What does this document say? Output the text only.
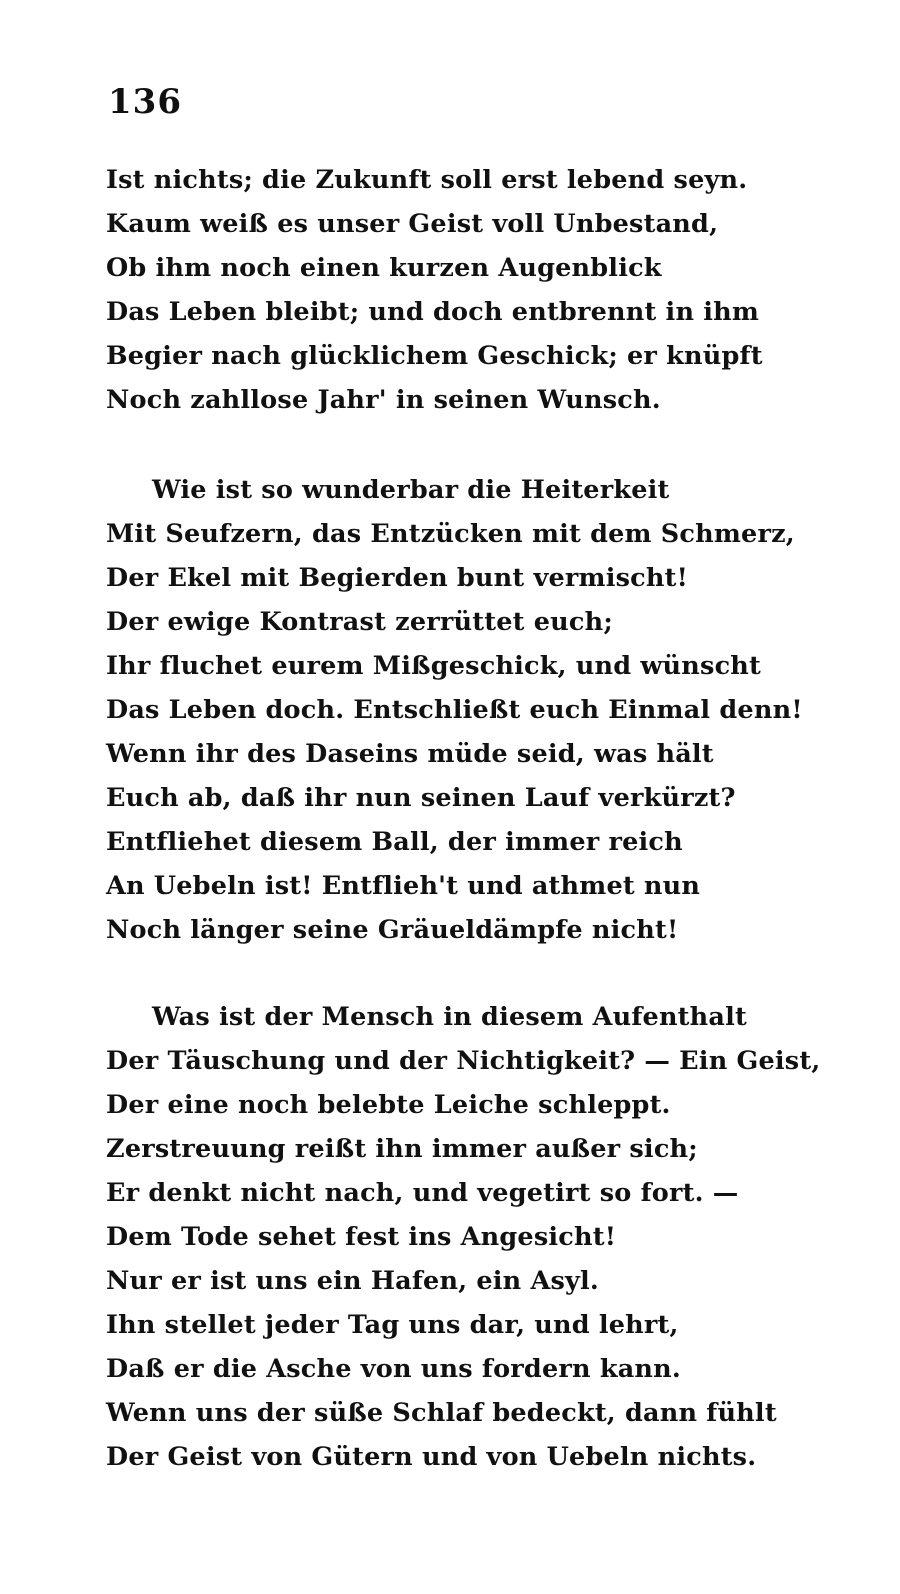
136
Ist nichts; die Zukunft soll erst lebend seyn.
Kaum weiß es unser Geist voll Unbestand,
Ob ihm noch einen kurzen Augenblick
Das Leben bleibt; und doch entbrennt in ihm
Begier nach glücklichem Geschick; er knüpft
Noch zahllose Jahr' in seinen Wunsch.
Wie ist so wunderbar die Heiterkeit
Mit Seufzern, das Entzücken mit dem Schmerz,
Der Ekel mit Begierden bunt vermischt!
Der ewige Kontrast zerrüttet euch;
Ihr fluchet eurem Mißgeschick, und wünscht
Das Leben doch. Entschließt euch Einmal denn!
Wenn ihr des Daseins müde seid, was hält
Euch ab, daß ihr nun seinen Lauf verkürzt?
Entfliehet diesem Ball, der immer reich
An Uebeln ist! Entflieh't und athmet nun
Noch länger seine Gräueldämpfe nicht!
Was ist der Mensch in diesem Aufenthalt
Der Täuschung und der Nichtigkeit? — Ein Geist,
Der eine noch belebte Leiche schleppt.
Zerstreuung reißt ihn immer außer sich;
Er denkt nicht nach, und vegetirt so fort. —
Dem Tode sehet fest ins Angesicht!
Nur er ist uns ein Hafen, ein Asyl.
Ihn stellet jeder Tag uns dar, und lehrt,
Daß er die Asche von uns fordern kann.
Wenn uns der süße Schlaf bedeckt, dann fühlt
Der Geist von Gütern und von Uebeln nichts.
